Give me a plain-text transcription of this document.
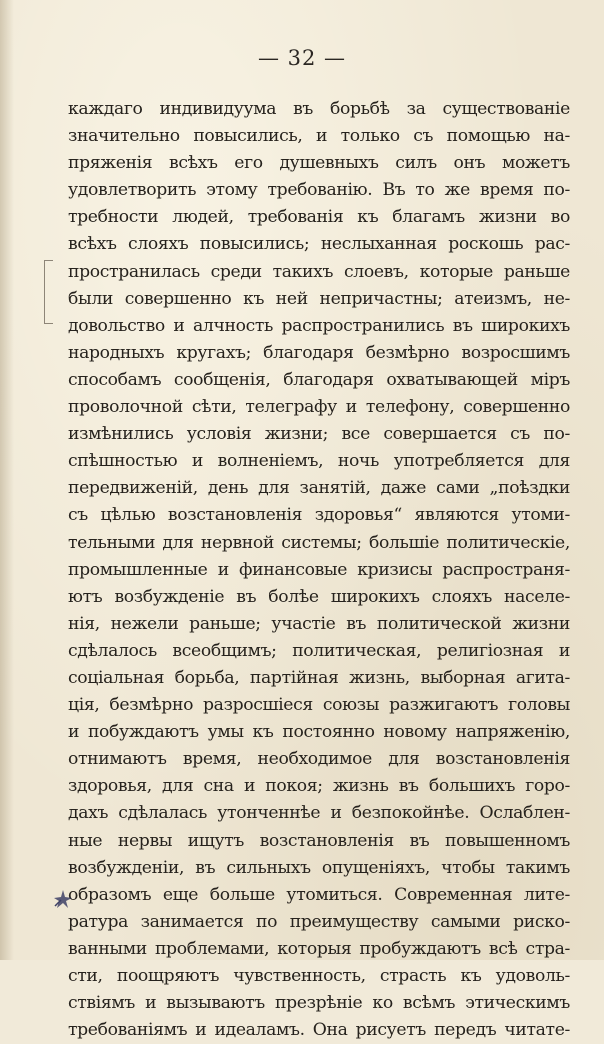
— 32 —
каждаго индивидуума въ борьбѣ за существованіе
значительно повысились, и только съ помощью на-
пряженія всѣхъ его душевныхъ силъ онъ можетъ
удовлетворить этому требованію. Въ то же время по-
требности людей, требованія къ благамъ жизни во
всѣхъ слояхъ повысились; неслыханная роскошь рас-
пространилась среди такихъ слоевъ, которые раньше
были совершенно къ ней непричастны; атеизмъ, не-
довольство и алчность распространились въ широкихъ
народныхъ кругахъ; благодаря безмѣрно возросшимъ
способамъ сообщенія, благодаря охватывающей міръ
проволочной сѣти, телеграфу и телефону, совершенно
измѣнились условія жизни; все совершается съ по-
спѣшностью и волненіемъ, ночь употребляется для
передвиженій, день для занятій, даже сами „поѣздки
съ цѣлью возстановленія здоровья“ являются утоми-
тельными для нервной системы; большіе политическіе,
промышленные и финансовые кризисы распространя-
ютъ возбужденіе въ болѣе широкихъ слояхъ населе-
нія, нежели раньше; участіе въ политической жизни
сдѣлалось всеобщимъ; политическая, религіозная и
соціальная борьба, партійная жизнь, выборная агита-
ція, безмѣрно разросшіеся союзы разжигаютъ головы
и побуждаютъ умы къ постоянно новому напряженію,
отнимаютъ время, необходимое для возстановленія
здоровья, для сна и покоя; жизнь въ большихъ горо-
дахъ сдѣлалась утонченнѣе и безпокойнѣе. Ослаблен-
ные нервы ищутъ возстановленія въ повышенномъ
возбужденіи, въ сильныхъ опущеніяхъ, чтобы такимъ
образомъ еще больше утомиться. Современная лите-
ратура занимается по преимуществу самыми риско-
ванными проблемами, которыя пробуждаютъ всѣ стра-
сти, поощряютъ чувственность, страсть къ удоволь-
ствіямъ и вызываютъ презрѣніе ко всѣмъ этическимъ
требованіямъ и идеаламъ. Она рисуетъ передъ читате-
